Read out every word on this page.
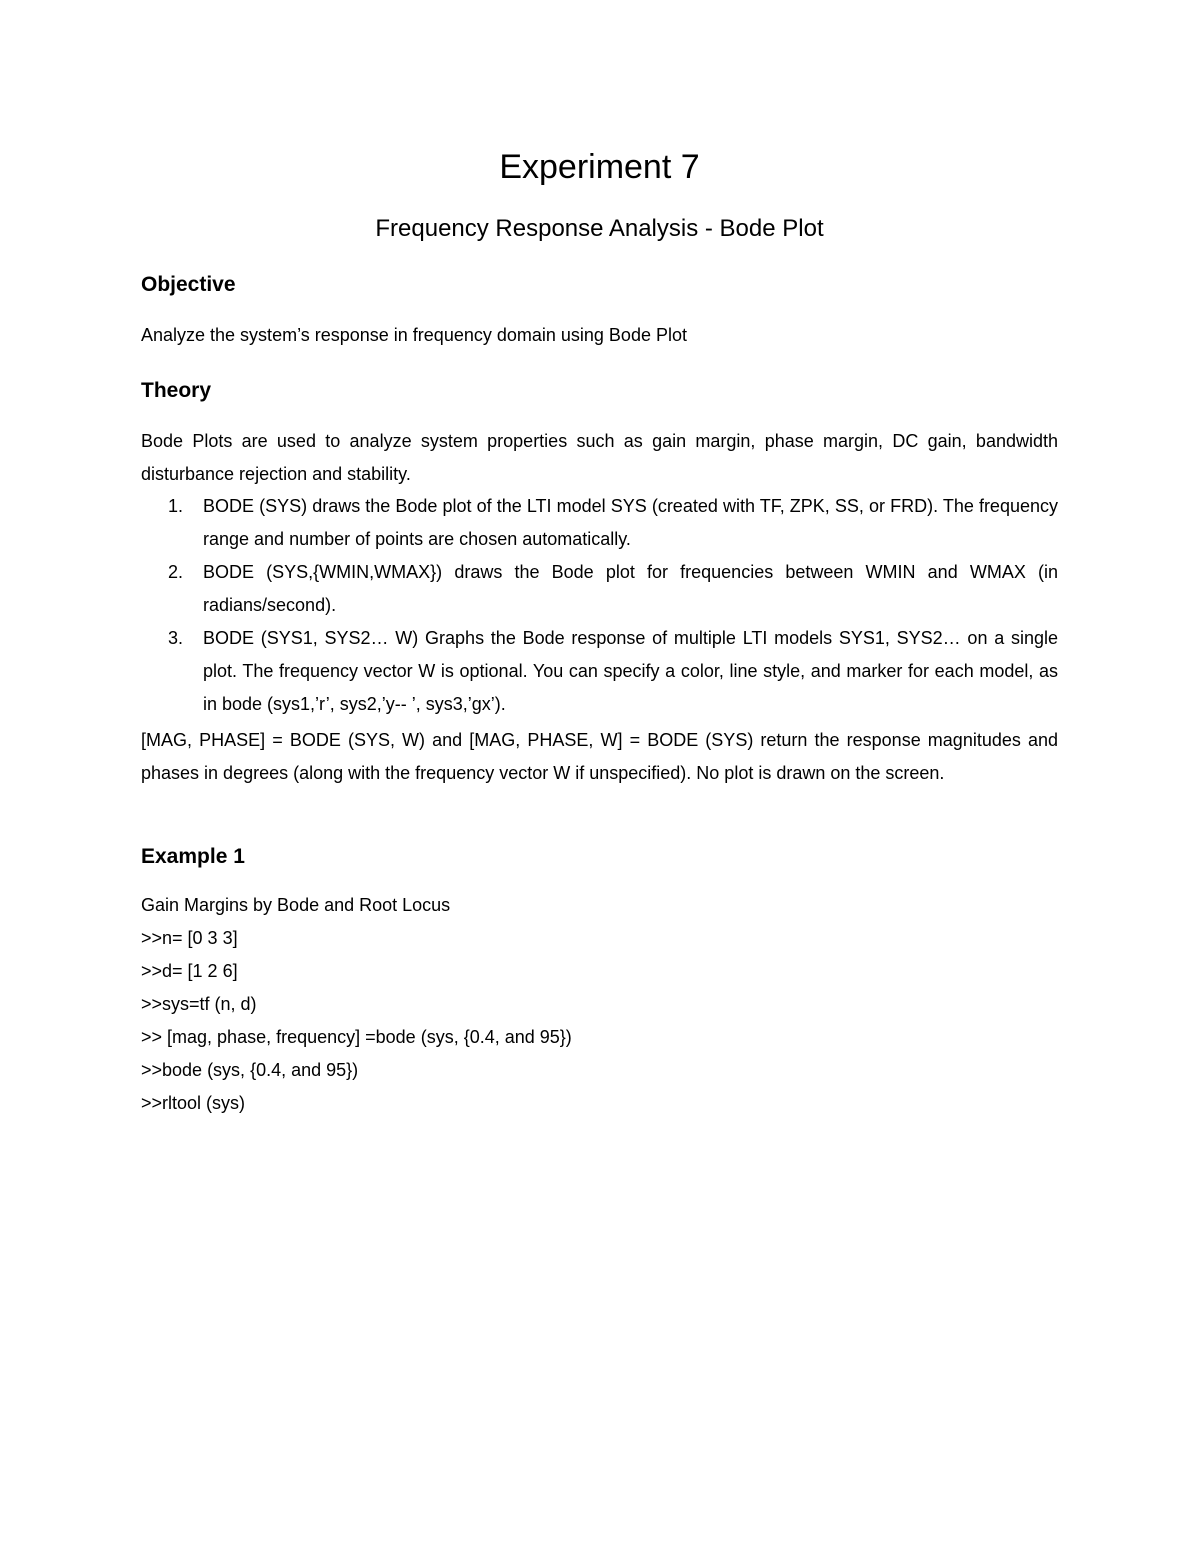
Experiment 7
Frequency Response Analysis - Bode Plot
Objective

Analyze the system’s response in frequency domain using Bode Plot

Theory

Bode Plots are used to analyze system properties such as gain margin, phase margin, DC gain, bandwidth disturbance rejection and stability.

1.	BODE (SYS) draws the Bode plot of the LTI model SYS (created with TF, ZPK, SS, or FRD). The frequency range and number of points are chosen automatically.
2.	BODE (SYS,{WMIN,WMAX}) draws the Bode plot for frequencies between WMIN and WMAX (in radians/second).
3.	BODE (SYS1, SYS2… W) Graphs the Bode response of multiple LTI models SYS1, SYS2… on a single plot. The frequency vector W is optional. You can specify a color, line style, and marker for each model, as in bode (sys1,’r’, sys2,’y-- ’, sys3,’gx’).

[MAG, PHASE] = BODE (SYS, W) and [MAG, PHASE, W] = BODE (SYS) return the response magnitudes and phases in degrees (along with the frequency vector W if unspecified). No plot is drawn on the screen.

Example 1
Gain Margins by Bode and Root Locus
>>n= [0 3 3]
>>d= [1 2 6]
>>sys=tf (n, d)
>> [mag, phase, frequency] =bode (sys, {0.4, and 95})
>>bode (sys, {0.4, and 95})
>>rltool (sys)
